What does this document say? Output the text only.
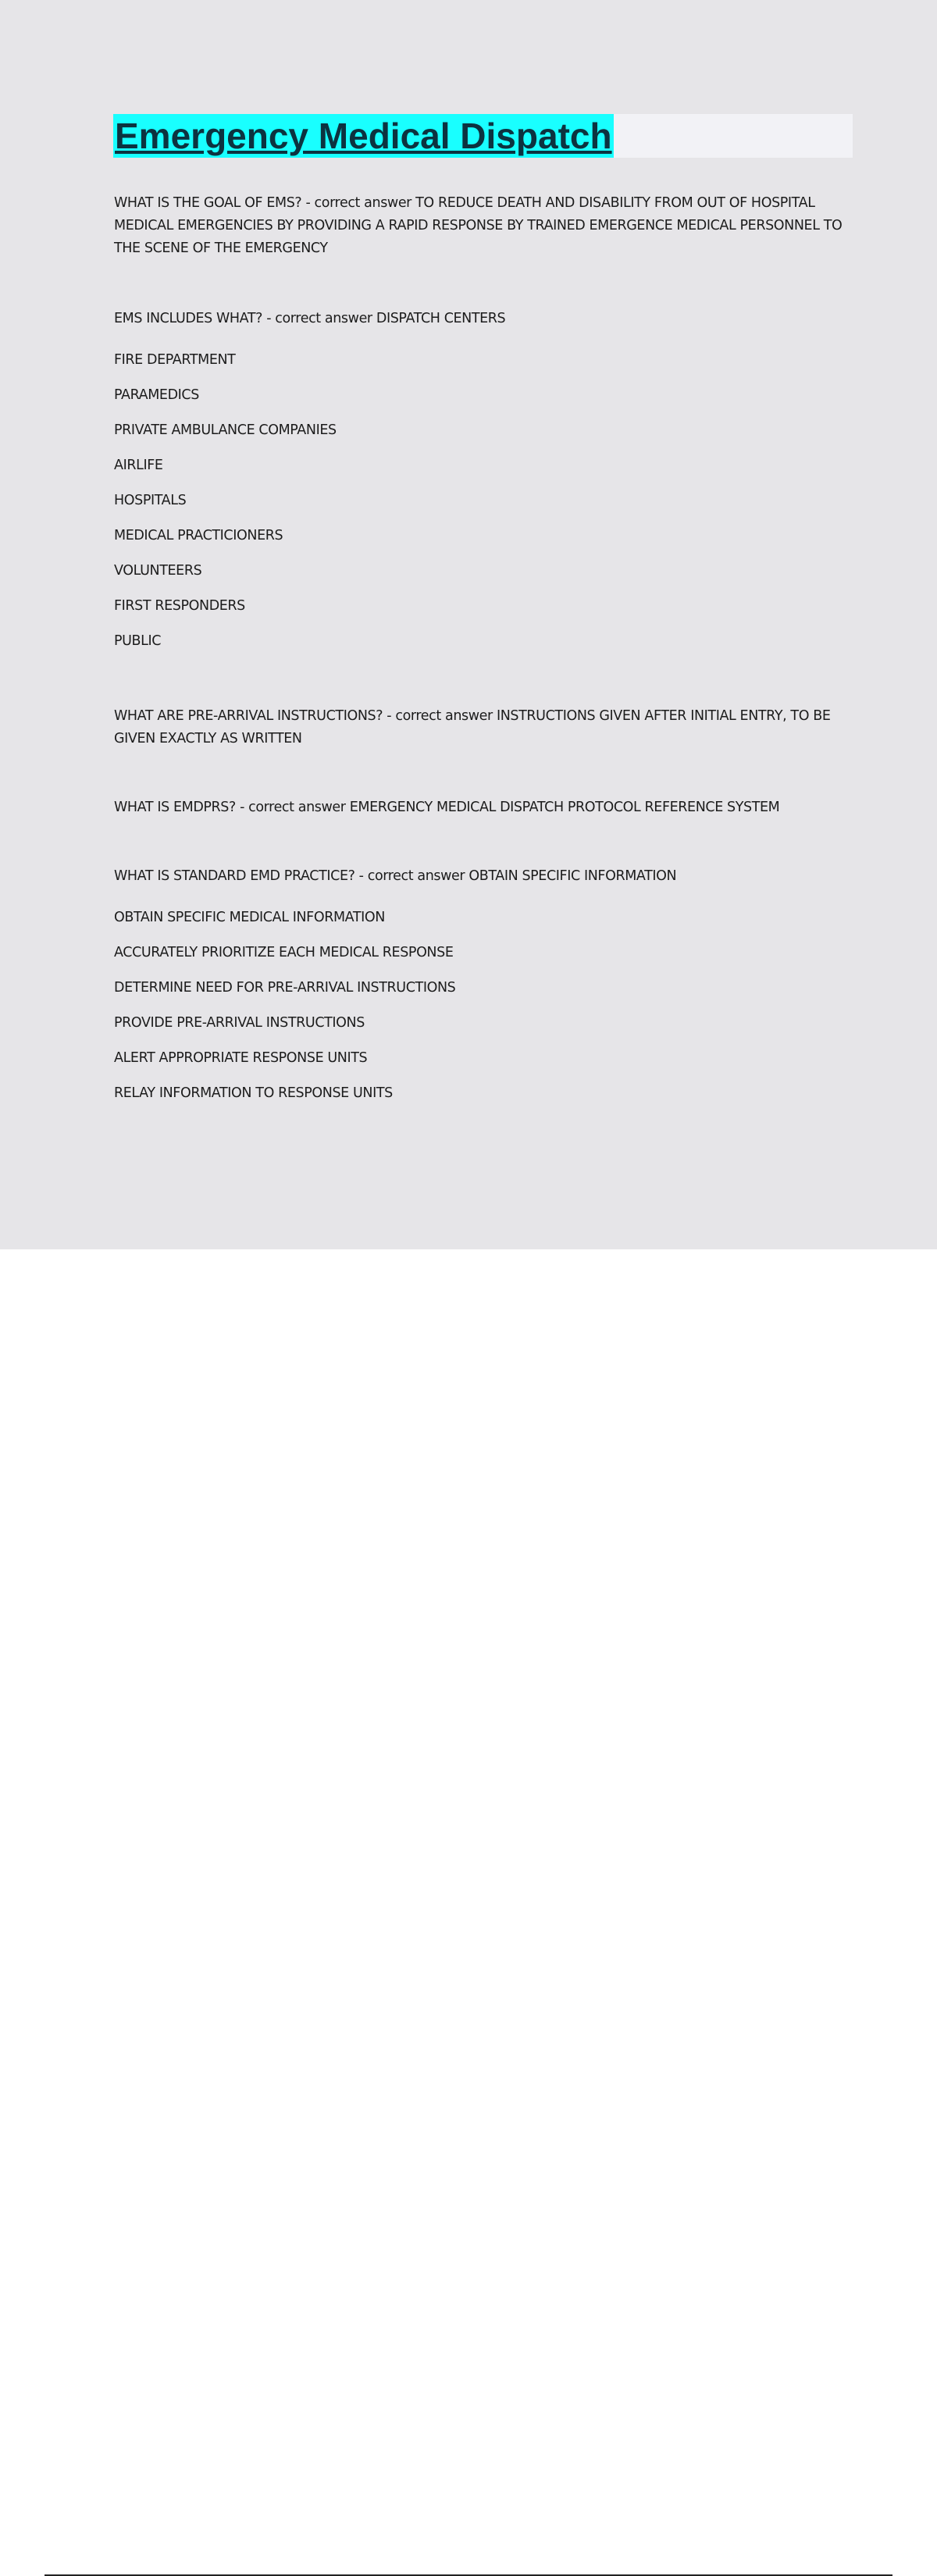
Emergency Medical Dispatch

WHAT IS THE GOAL OF EMS? - correct answer TO REDUCE DEATH AND DISABILITY FROM OUT OF HOSPITAL MEDICAL EMERGENCIES BY PROVIDING A RAPID RESPONSE BY TRAINED EMERGENCE MEDICAL PERSONNEL TO THE SCENE OF THE EMERGENCY

EMS INCLUDES WHAT? - correct answer DISPATCH CENTERS

FIRE DEPARTMENT

PARAMEDICS

PRIVATE AMBULANCE COMPANIES

AIRLIFE

HOSPITALS

MEDICAL PRACTICIONERS

VOLUNTEERS

FIRST RESPONDERS

PUBLIC

WHAT ARE PRE-ARRIVAL INSTRUCTIONS? - correct answer INSTRUCTIONS GIVEN AFTER INITIAL ENTRY, TO BE GIVEN EXACTLY AS WRITTEN

WHAT IS EMDPRS? - correct answer EMERGENCY MEDICAL DISPATCH PROTOCOL REFERENCE SYSTEM

WHAT IS STANDARD EMD PRACTICE? - correct answer OBTAIN SPECIFIC INFORMATION

OBTAIN SPECIFIC MEDICAL INFORMATION

ACCURATELY PRIORITIZE EACH MEDICAL RESPONSE

DETERMINE NEED FOR PRE-ARRIVAL INSTRUCTIONS

PROVIDE PRE-ARRIVAL INSTRUCTIONS

ALERT APPROPRIATE RESPONSE UNITS

RELAY INFORMATION TO RESPONSE UNITS
